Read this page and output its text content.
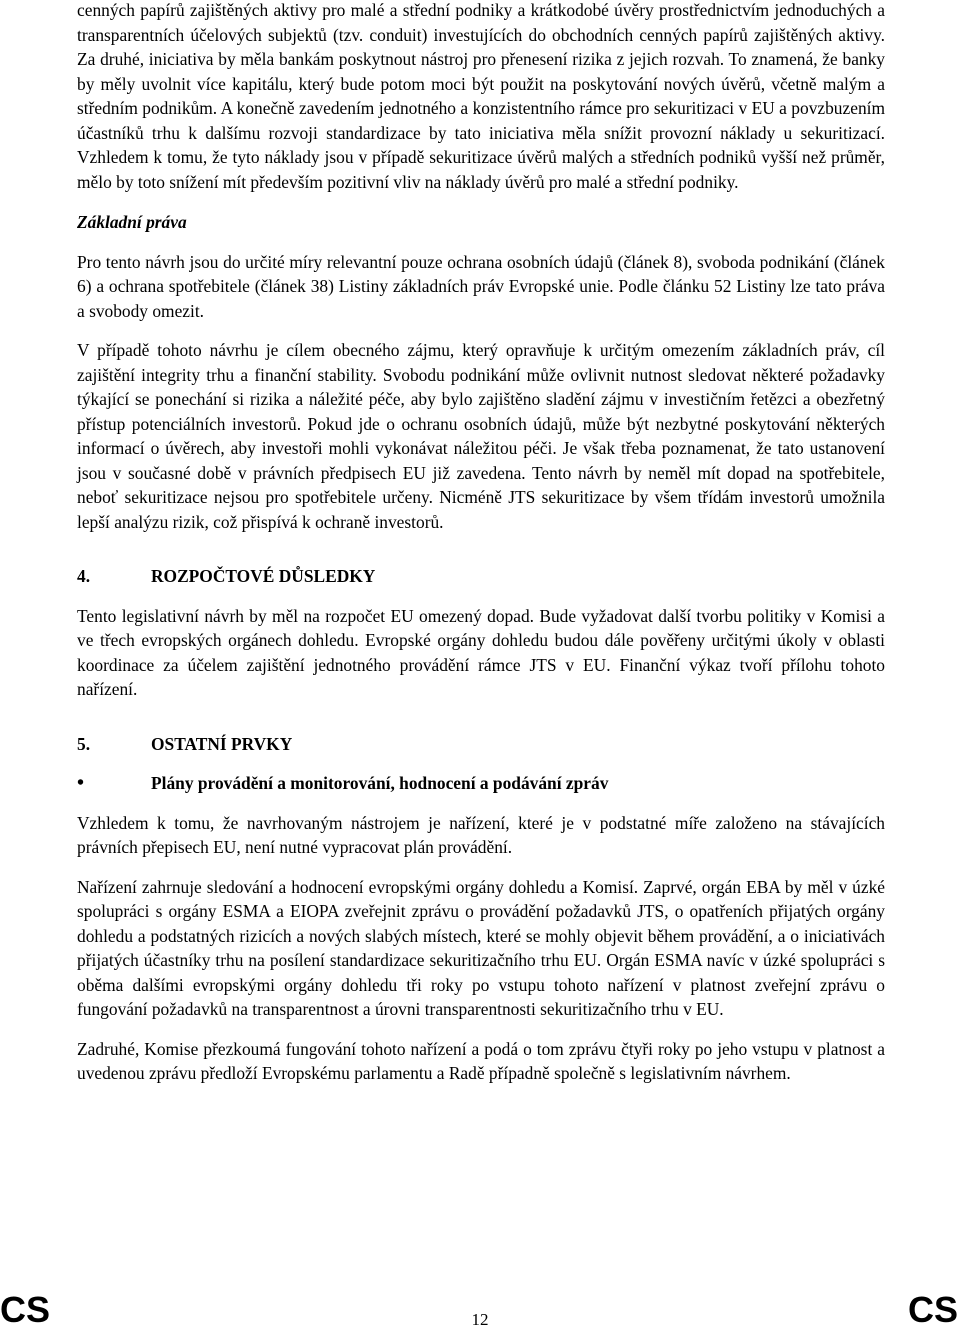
cenných papírů zajištěných aktivy pro malé a střední podniky a krátkodobé úvěry prostřednictvím jednoduchých a transparentních účelových subjektů (tzv. conduit) investujících do obchodních cenných papírů zajištěných aktivy. Za druhé, iniciativa by měla bankám poskytnout nástroj pro přenesení rizika z jejich rozvah. To znamená, že banky by měly uvolnit více kapitálu, který bude potom moci být použit na poskytování nových úvěrů, včetně malým a středním podnikům. A konečně zavedením jednotného a konzistentního rámce pro sekuritizaci v EU a povzbuzením účastníků trhu k dalšímu rozvoji standardizace by tato iniciativa měla snížit provozní náklady u sekuritizací. Vzhledem k tomu, že tyto náklady jsou v případě sekuritizace úvěrů malých a středních podniků vyšší než průměr, mělo by toto snížení mít především pozitivní vliv na náklady úvěrů pro malé a střední podniky.

Základní práva

Pro tento návrh jsou do určité míry relevantní pouze ochrana osobních údajů (článek 8), svoboda podnikání (článek 6) a ochrana spotřebitele (článek 38) Listiny základních práv Evropské unie. Podle článku 52 Listiny lze tato práva a svobody omezit.

V případě tohoto návrhu je cílem obecného zájmu, který opravňuje k určitým omezením základních práv, cíl zajištění integrity trhu a finanční stability. Svobodu podnikání může ovlivnit nutnost sledovat některé požadavky týkající se ponechání si rizika a náležité péče, aby bylo zajištěno sladění zájmu v investičním řetězci a obezřetný přístup potenciálních investorů. Pokud jde o ochranu osobních údajů, může být nezbytné poskytování některých informací o úvěrech, aby investoři mohli vykonávat náležitou péči. Je však třeba poznamenat, že tato ustanovení jsou v současné době v právních předpisech EU již zavedena. Tento návrh by neměl mít dopad na spotřebitele, neboť sekuritizace nejsou pro spotřebitele určeny. Nicméně JTS sekuritizace by všem třídám investorů umožnila lepší analýzu rizik, což přispívá k ochraně investorů.

4.	ROZPOČTOVÉ DŮSLEDKY

Tento legislativní návrh by měl na rozpočet EU omezený dopad. Bude vyžadovat další tvorbu politiky v Komisi a ve třech evropských orgánech dohledu. Evropské orgány dohledu budou dále pověřeny určitými úkoly v oblasti koordinace za účelem zajištění jednotného provádění rámce JTS v EU. Finanční výkaz tvoří přílohu tohoto nařízení.

5.	OSTATNÍ PRVKY
•	Plány provádění a monitorování, hodnocení a podávání zpráv

Vzhledem k tomu, že navrhovaným nástrojem je nařízení, které je v podstatné míře založeno na stávajících právních přepisech EU, není nutné vypracovat plán provádění.

Nařízení zahrnuje sledování a hodnocení evropskými orgány dohledu a Komisí. Zaprvé, orgán EBA by měl v úzké spolupráci s orgány ESMA a EIOPA zveřejnit zprávu o provádění požadavků JTS, o opatřeních přijatých orgány dohledu a podstatných rizicích a nových slabých místech, které se mohly objevit během provádění, a o iniciativách přijatých účastníky trhu na posílení standardizace sekuritizačního trhu EU. Orgán ESMA navíc v úzké spolupráci s oběma dalšími evropskými orgány dohledu tři roky po vstupu tohoto nařízení v platnost zveřejní zprávu o fungování požadavků na transparentnost a úrovni transparentnosti sekuritizačního trhu v EU.

Zadruhé, Komise přezkoumá fungování tohoto nařízení a podá o tom zprávu čtyři roky po jeho vstupu v platnost a uvedenou zprávu předloží Evropskému parlamentu a Radě případně společně s legislativním návrhem.

CS	12	CS
